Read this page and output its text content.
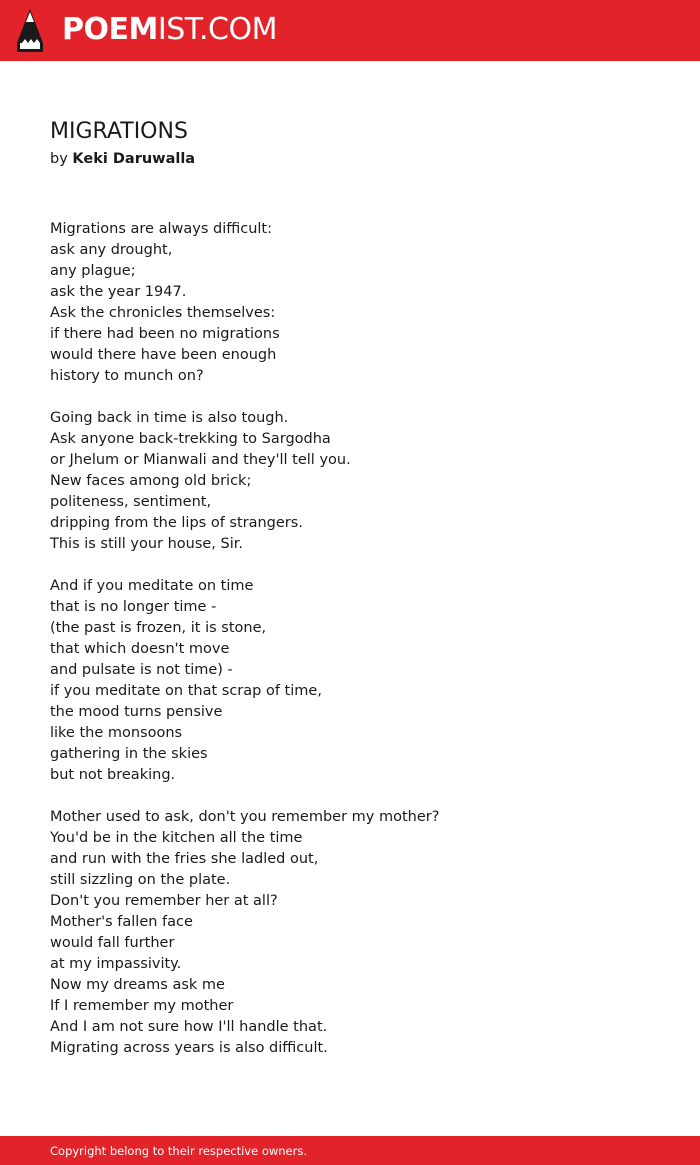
POEMIST.COM
MIGRATIONS
by Keki Daruwalla
Migrations are always difficult:
ask any drought,
any plague;
ask the year 1947.
Ask the chronicles themselves:
if there had been no migrations
would there have been enough
history to munch on?
Going back in time is also tough.
Ask anyone back-trekking to Sargodha
or Jhelum or Mianwali and they'll tell you.
New faces among old brick;
politeness, sentiment,
dripping from the lips of strangers.
This is still your house, Sir.
And if you meditate on time
that is no longer time -
(the past is frozen, it is stone,
that which doesn't move
and pulsate is not time) -
if you meditate on that scrap of time,
the mood turns pensive
like the monsoons
gathering in the skies
but not breaking.
Mother used to ask, don't you remember my mother?
You'd be in the kitchen all the time
and run with the fries she ladled out,
still sizzling on the plate.
Don't you remember her at all?
Mother's fallen face
would fall further
at my impassivity.
Now my dreams ask me
If I remember my mother
And I am not sure how I'll handle that.
Migrating across years is also difficult.
Copyright belong to their respective owners.
